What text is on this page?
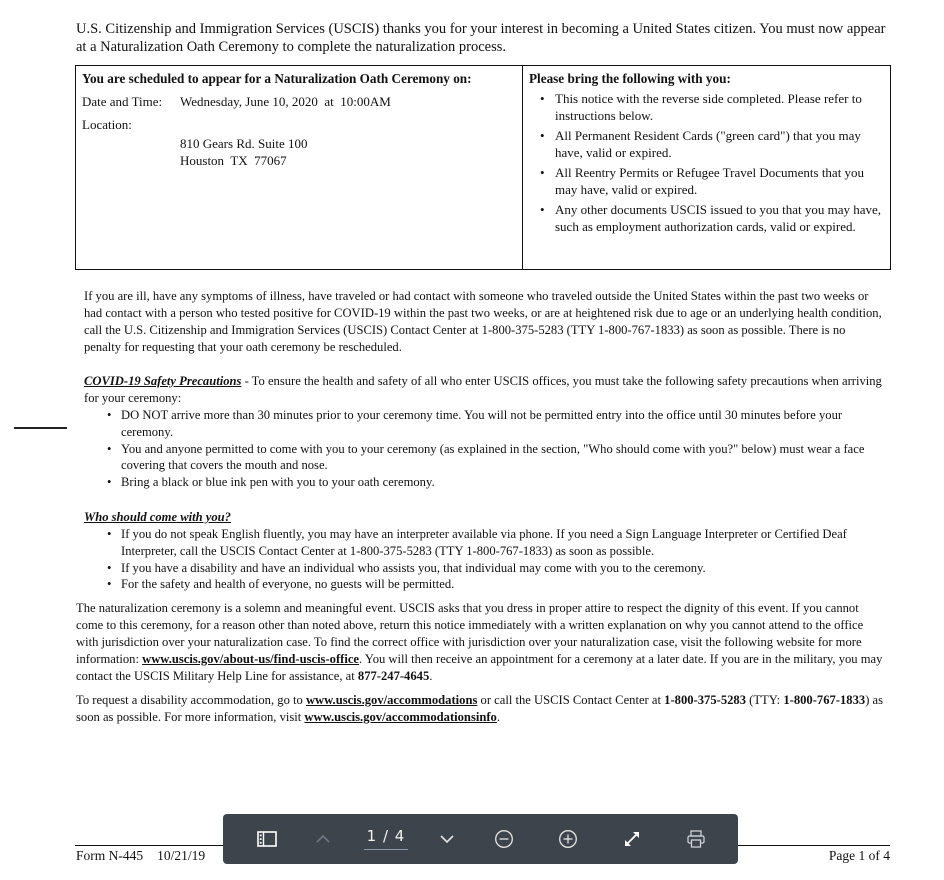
U.S. Citizenship and Immigration Services (USCIS) thanks you for your interest in becoming a United States citizen. You must now appear at a Naturalization Oath Ceremony to complete the naturalization process.
You are scheduled to appear for a Naturalization Oath Ceremony on:
Date and Time: Wednesday, June 10, 2020  at  10:00AM
Location:
810 Gears Rd. Suite 100
Houston  TX  77067
Please bring the following with you:
• This notice with the reverse side completed. Please refer to instructions below.
• All Permanent Resident Cards ("green card") that you may have, valid or expired.
• All Reentry Permits or Refugee Travel Documents that you may have, valid or expired.
• Any other documents USCIS issued to you that you may have, such as employment authorization cards, valid or expired.
If you are ill, have any symptoms of illness, have traveled or had contact with someone who traveled outside the United States within the past two weeks or had contact with a person who tested positive for COVID-19 within the past two weeks, or are at heightened risk due to age or an underlying health condition, call the U.S. Citizenship and Immigration Services (USCIS) Contact Center at 1-800-375-5283 (TTY 1-800-767-1833) as soon as possible. There is no penalty for requesting that your oath ceremony be rescheduled.
COVID-19 Safety Precautions - To ensure the health and safety of all who enter USCIS offices, you must take the following safety precautions when arriving for your ceremony:
• DO NOT arrive more than 30 minutes prior to your ceremony time. You will not be permitted entry into the office until 30 minutes before your ceremony.
• You and anyone permitted to come with you to your ceremony (as explained in the section, "Who should come with you?" below) must wear a face covering that covers the mouth and nose.
• Bring a black or blue ink pen with you to your oath ceremony.
Who should come with you?
• If you do not speak English fluently, you may have an interpreter available via phone. If you need a Sign Language Interpreter or Certified Deaf Interpreter, call the USCIS Contact Center at 1-800-375-5283 (TTY 1-800-767-1833) as soon as possible.
• If you have a disability and have an individual who assists you, that individual may come with you to the ceremony.
• For the safety and health of everyone, no guests will be permitted.
The naturalization ceremony is a solemn and meaningful event. USCIS asks that you dress in proper attire to respect the dignity of this event. If you cannot come to this ceremony, for a reason other than noted above, return this notice immediately with a written explanation on why you cannot attend to the office with jurisdiction over your naturalization case. To find the correct office with jurisdiction over your naturalization case, visit the following website for more information: www.uscis.gov/about-us/find-uscis-office. You will then receive an appointment for a ceremony at a later date. If you are in the military, you may contact the USCIS Military Help Line for assistance, at 877-247-4645.
To request a disability accommodation, go to www.uscis.gov/accommodations or call the USCIS Contact Center at 1-800-375-5283 (TTY: 1-800-767-1833) as soon as possible. For more information, visit www.uscis.gov/accommodationsinfo.
Form N-445 10/21/19	Page 1 of 4
1 / 4
